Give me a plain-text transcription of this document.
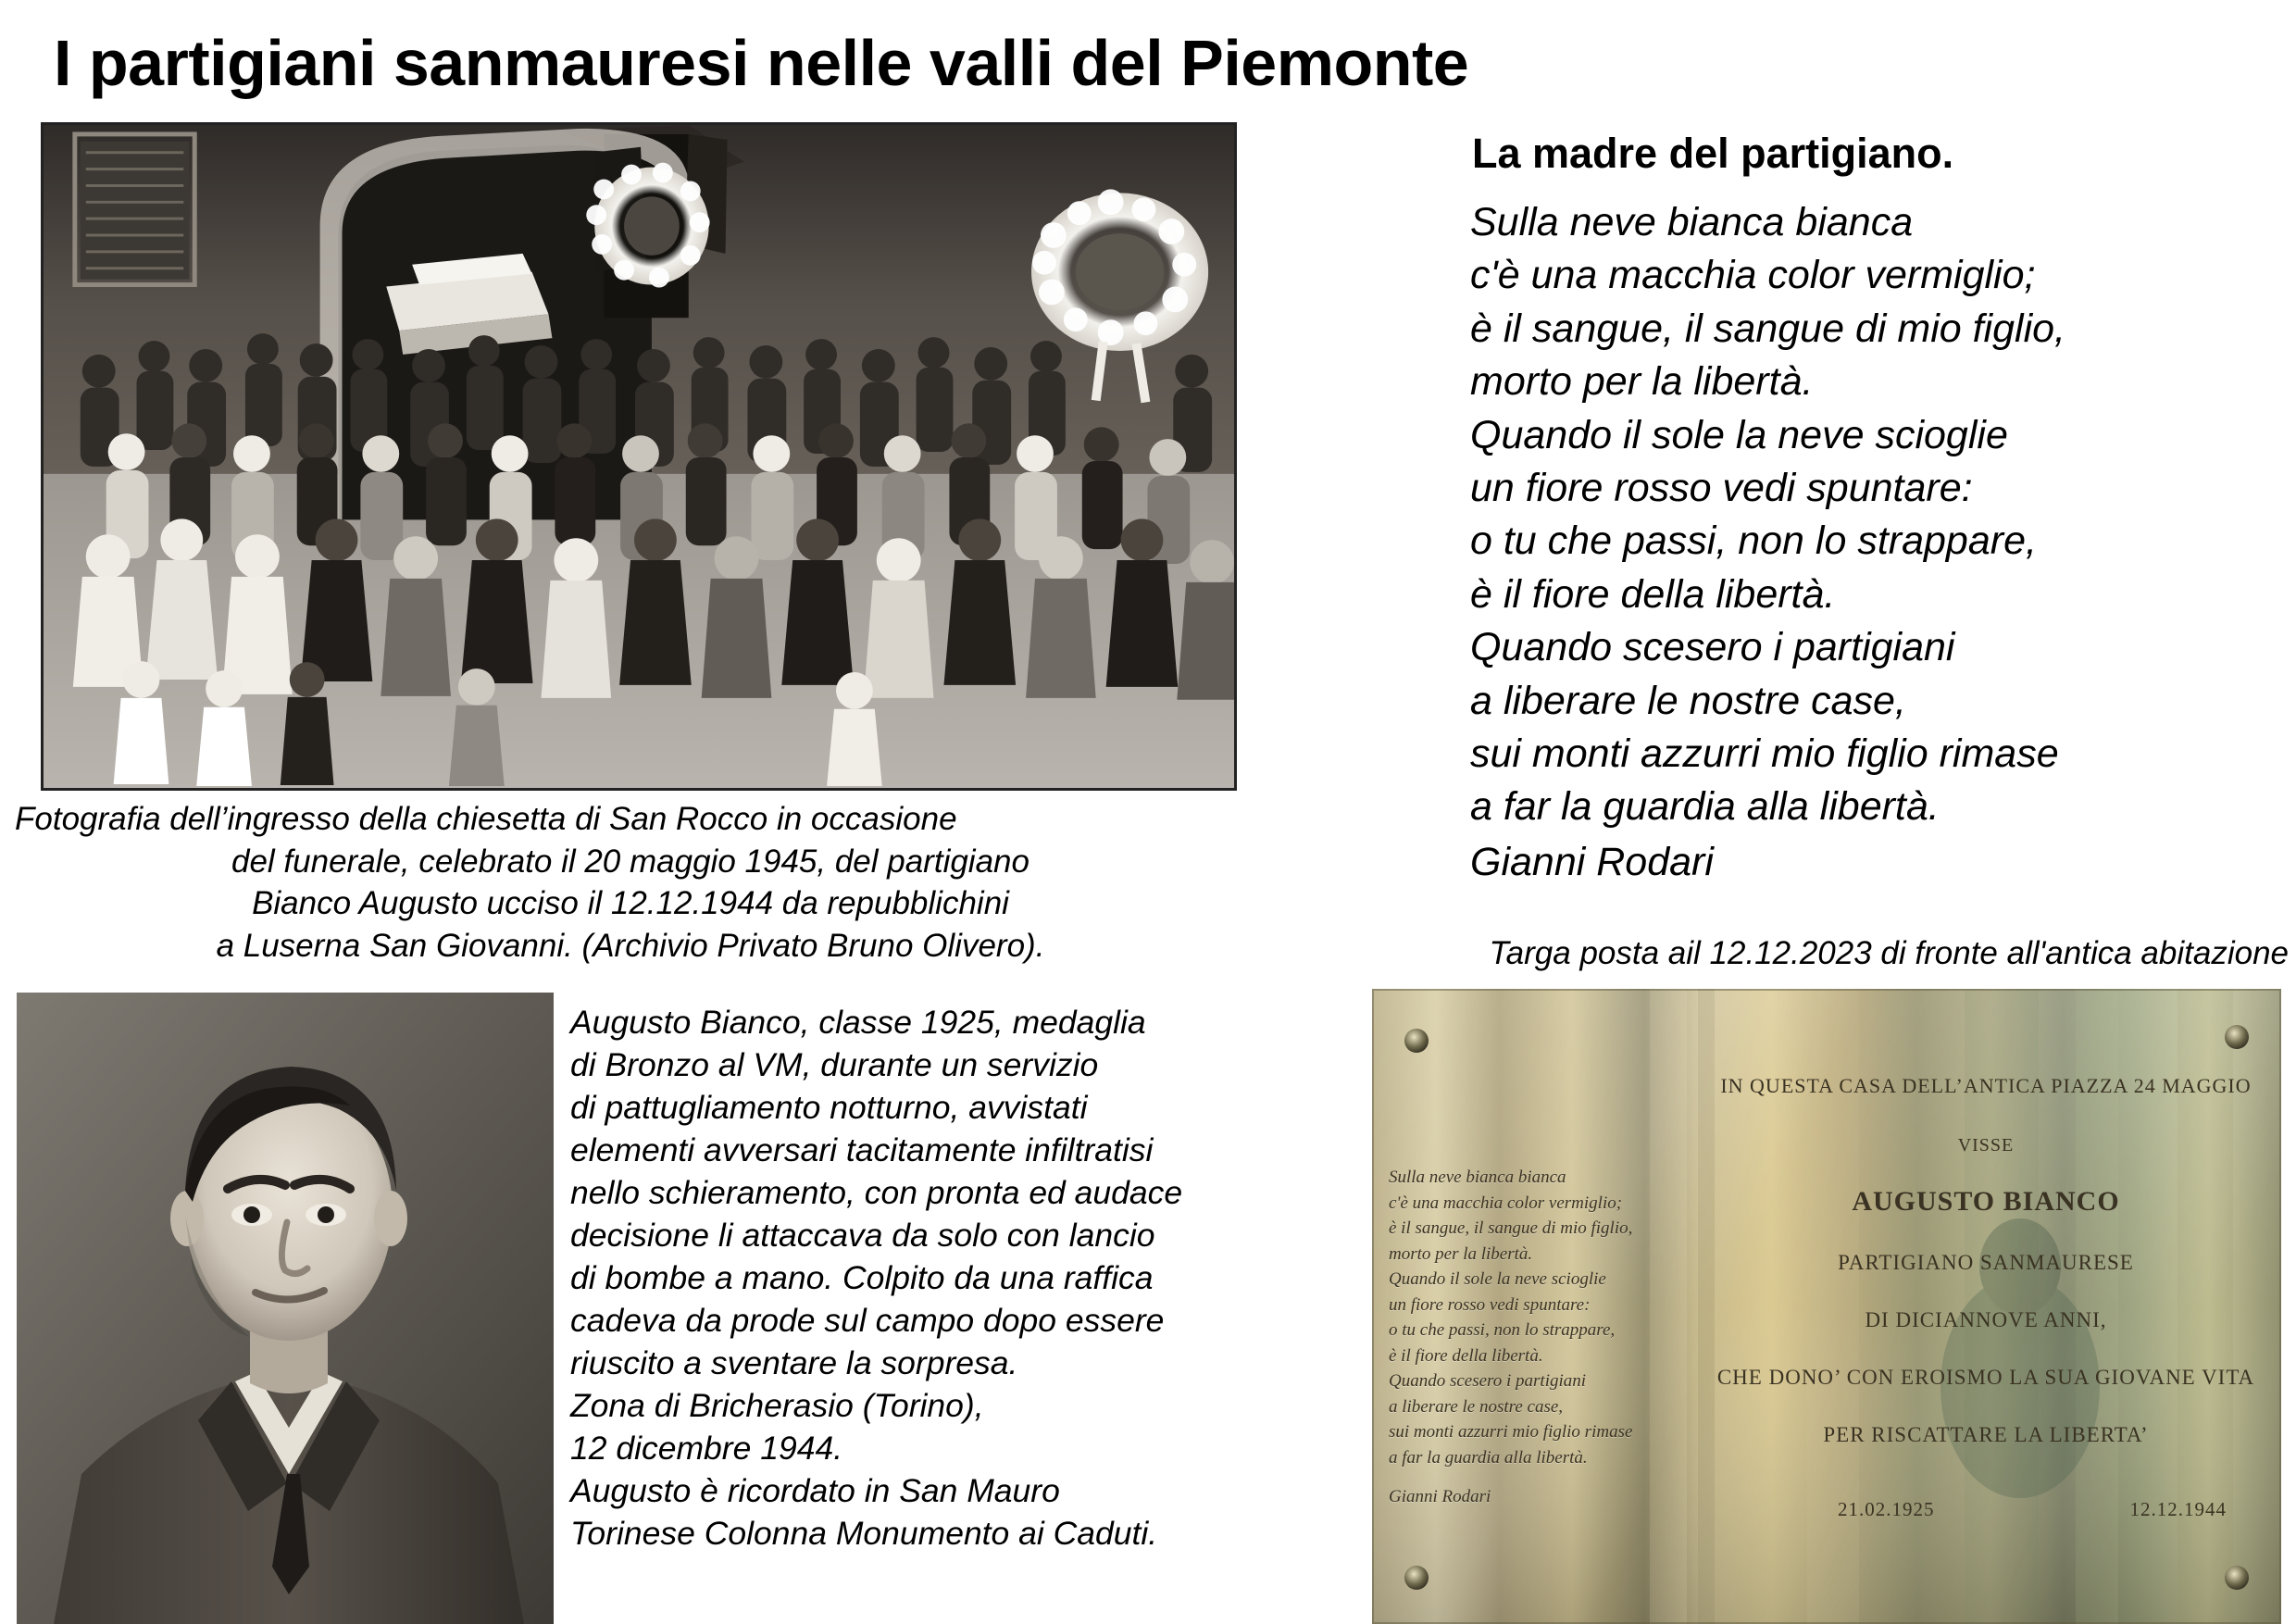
I partigiani sanmauresi nelle valli del Piemonte
Fotografia dell’ingresso della chiesetta di San Rocco in occasione
del funerale, celebrato il 20 maggio 1945, del partigiano
Bianco Augusto ucciso il 12.12.1944 da repubblichini
a Luserna San Giovanni. (Archivio Privato Bruno Olivero).
Augusto Bianco, classe 1925, medaglia
di Bronzo al VM, durante un servizio
di pattugliamento notturno, avvistati
elementi avversari tacitamente infiltratisi
nello schieramento, con pronta ed audace
decisione li attaccava da solo con lancio
di bombe a mano. Colpito da una raffica
cadeva da prode sul campo dopo essere
riuscito a sventare la sorpresa.
Zona di Bricherasio (Torino),
12 dicembre 1944.
Augusto è ricordato in San Mauro
Torinese Colonna Monumento ai Caduti.
La madre del partigiano.
Sulla neve bianca bianca
c'è una macchia color vermiglio;
è il sangue, il sangue di mio figlio,
morto per la libertà.
Quando il sole la neve scioglie
un fiore rosso vedi spuntare:
o tu che passi, non lo strappare,
è il fiore della libertà.
Quando scesero i partigiani
a liberare le nostre case,
sui monti azzurri mio figlio rimase
a far la guardia alla libertà.
Gianni Rodari
Targa posta ail 12.12.2023 di fronte all'antica abitazione
Sulla neve bianca bianca
c'è una macchia color vermiglio;
è il sangue, il sangue di mio figlio,
morto per la libertà.
Quando il sole la neve scioglie
un fiore rosso vedi spuntare:
o tu che passi, non lo strappare,
è il fiore della libertà.
Quando scesero i partigiani
a liberare le nostre case,
sui monti azzurri mio figlio rimase
a far la guardia alla libertà.
Gianni Rodari
IN QUESTA CASA DELL’ANTICA PIAZZA 24 MAGGIO
VISSE
AUGUSTO BIANCO
PARTIGIANO SANMAURESE
DI DICIANNOVE ANNI,
CHE DONO’ CON EROISMO LA SUA GIOVANE VITA
PER RISCATTARE LA LIBERTA’
21.02.1925	12.12.1944
